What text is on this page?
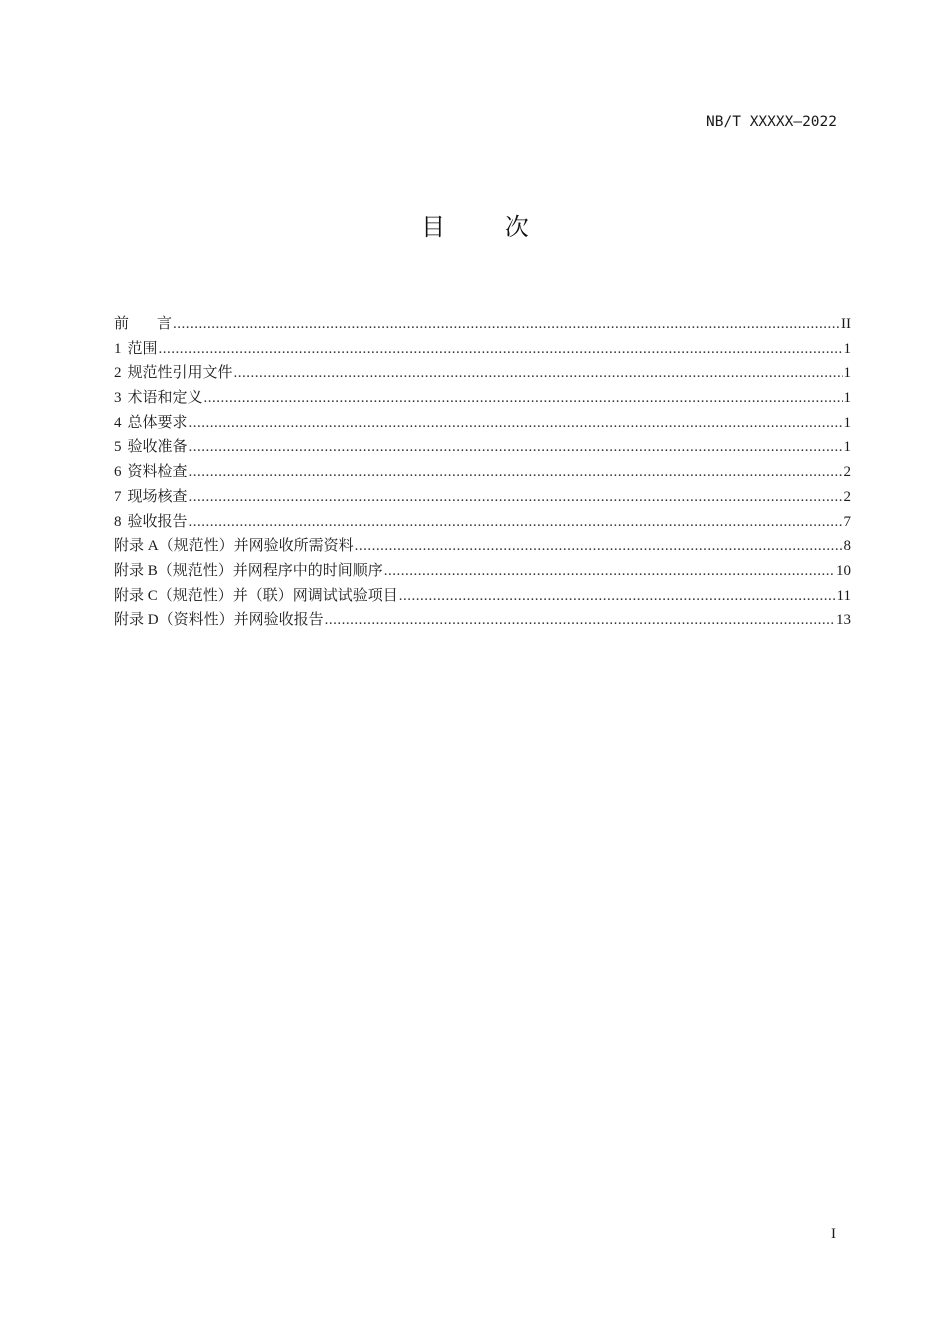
NB/T XXXXX—2022
目 次
前 言 .....	II
1 范围 .....	1
2 规范性引用文件 .....	1
3 术语和定义 .....	1
4 总体要求 .....	1
5 验收准备 .....	1
6 资料检查 .....	2
7 现场核查 .....	2
8 验收报告 .....	7
附录 A（规范性）并网验收所需资料 .....	8
附录 B（规范性）并网程序中的时间顺序 .....	10
附录 C（规范性）并（联）网调试试验项目 .....	11
附录 D（资料性）并网验收报告 .....	13
I
